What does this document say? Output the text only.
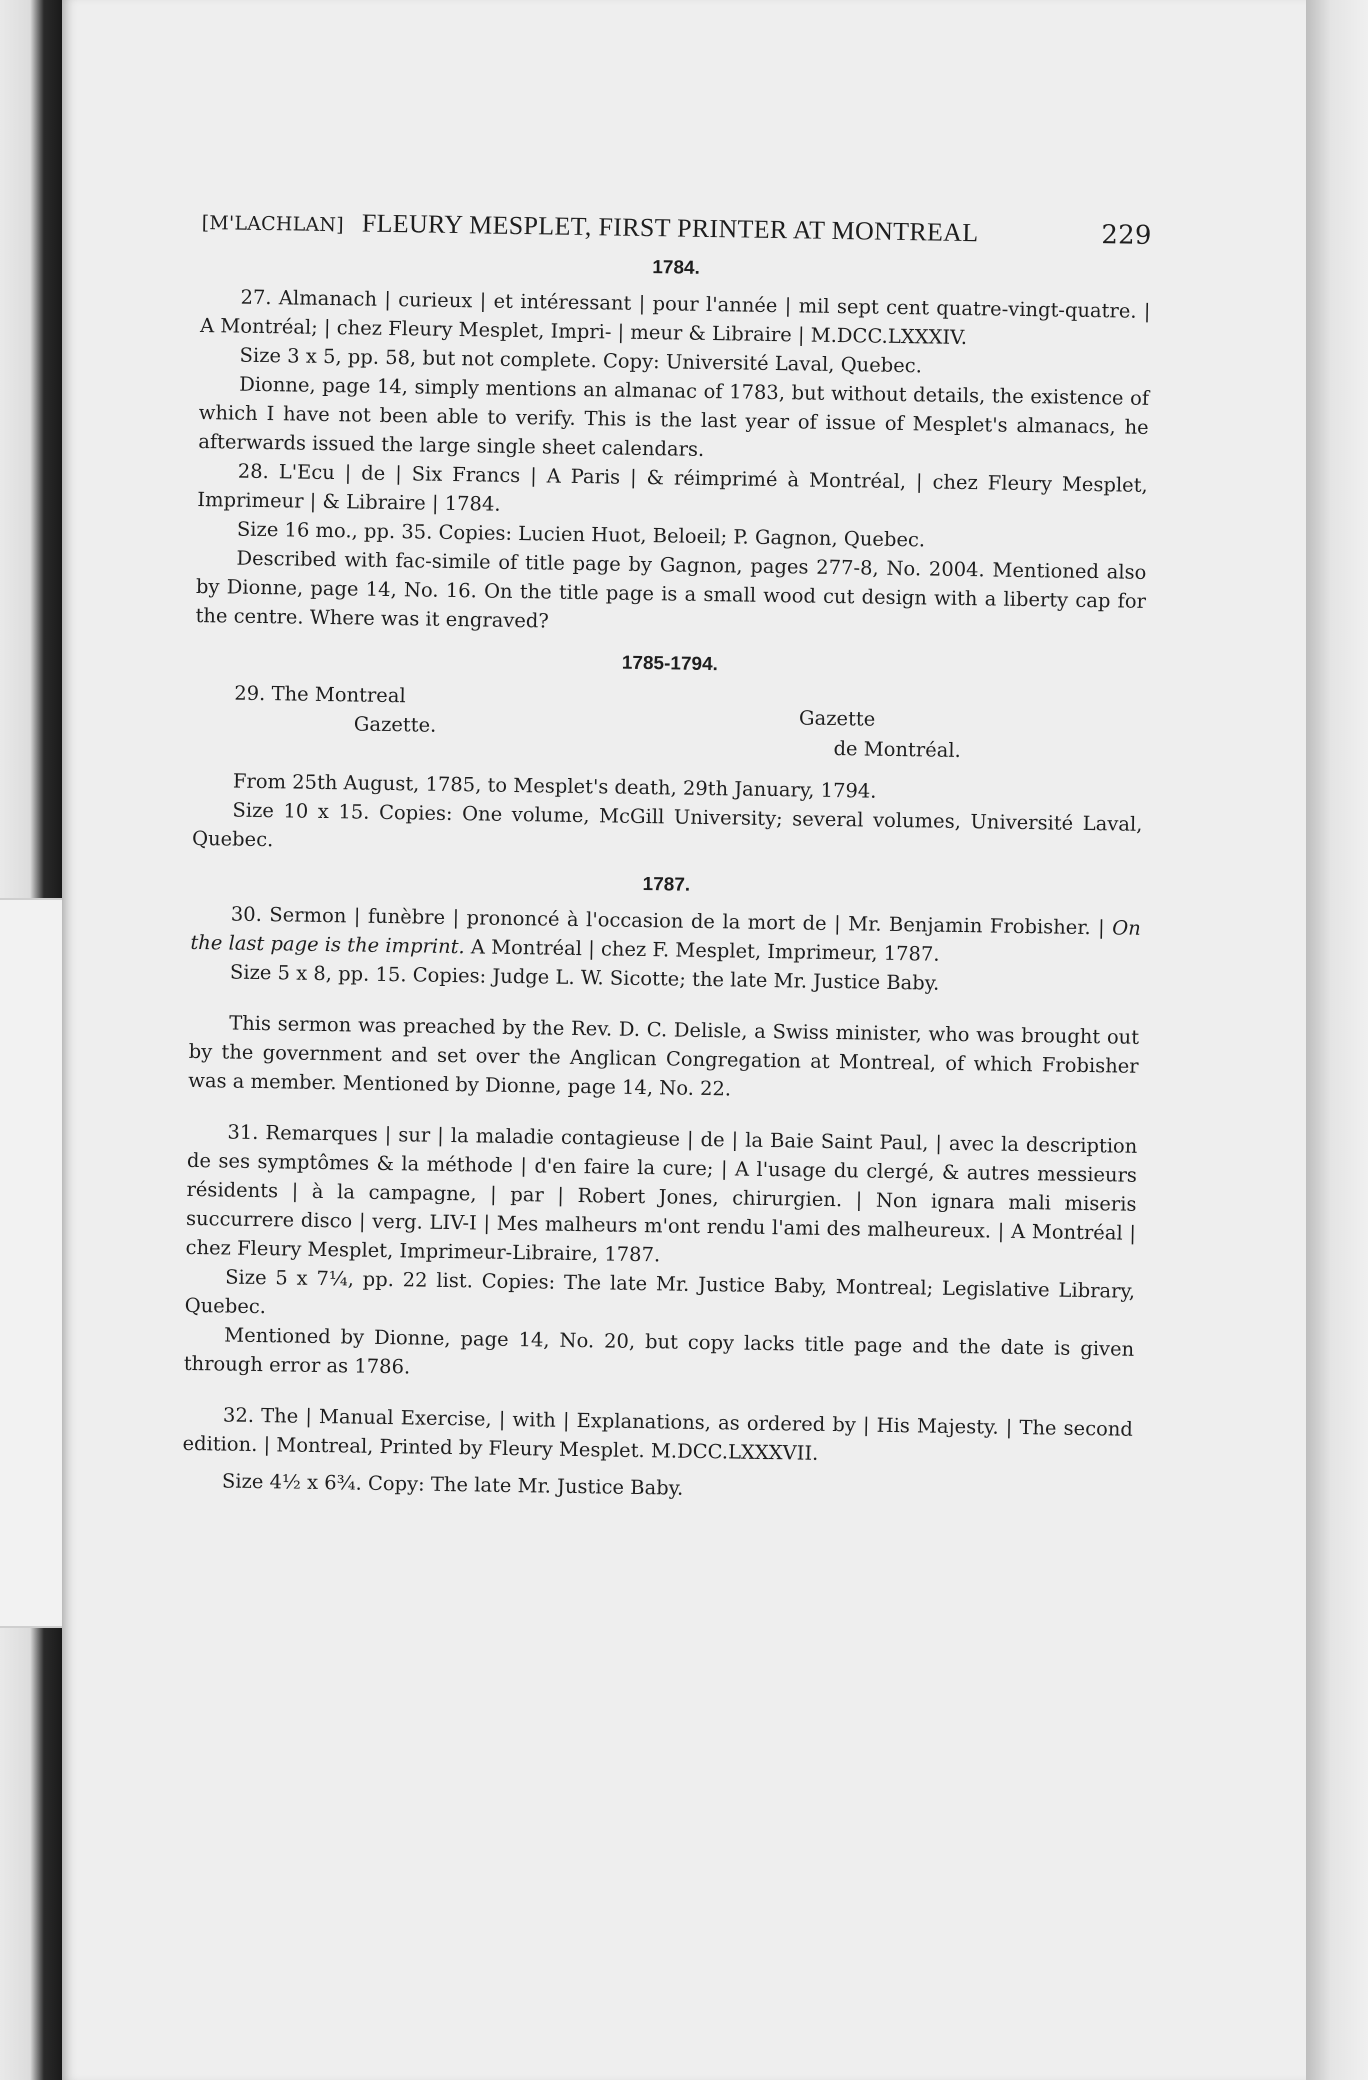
[M'LACHLAN] FLEURY MESPLET, FIRST PRINTER AT MONTREAL	229
1784.

27. Almanach | curieux | et intéressant | pour l'année | mil sept cent quatre-vingt-quatre. | A Montréal; | chez Fleury Mesplet, Impri- | meur & Libraire | M.DCC.LXXXIV.

Size 3 x 5, pp. 58, but not complete. Copy: Université Laval, Quebec.

Dionne, page 14, simply mentions an almanac of 1783, but without details, the existence of which I have not been able to verify. This is the last year of issue of Mesplet's almanacs, he afterwards issued the large single sheet calendars.

28. L'Ecu | de | Six Francs | A Paris | & réimprimé à Montréal, | chez Fleury Mesplet, Imprimeur | & Libraire | 1784.

Size 16 mo., pp. 35. Copies: Lucien Huot, Beloeil; P. Gagnon, Quebec.

Described with fac-simile of title page by Gagnon, pages 277-8, No. 2004. Mentioned also by Dionne, page 14, No. 16. On the title page is a small wood cut design with a liberty cap for the centre. Where was it engraved?

1785-1794.
29. The Montreal
Gazette.	Gazette
de Montréal.

From 25th August, 1785, to Mesplet's death, 29th January, 1794.

Size 10 x 15. Copies: One volume, McGill University; several volumes, Université Laval, Quebec.

1787.

30. Sermon | funèbre | prononcé à l'occasion de la mort de | Mr. Benjamin Frobisher. | On the last page is the imprint. A Montréal | chez F. Mesplet, Imprimeur, 1787.

Size 5 x 8, pp. 15. Copies: Judge L. W. Sicotte; the late Mr. Justice Baby.

This sermon was preached by the Rev. D. C. Delisle, a Swiss minister, who was brought out by the government and set over the Anglican Congregation at Montreal, of which Frobisher was a member. Mentioned by Dionne, page 14, No. 22.

31. Remarques | sur | la maladie contagieuse | de | la Baie Saint Paul, | avec la description de ses symptômes & la méthode | d'en faire la cure; | A l'usage du clergé, & autres messieurs résidents | à la campagne, | par | Robert Jones, chirurgien. | Non ignara mali miseris succurrere disco | verg. LIV-I | Mes malheurs m'ont rendu l'ami des malheureux. | A Montréal | chez Fleury Mesplet, Imprimeur-Libraire, 1787.

Size 5 x 7¼, pp. 22 list. Copies: The late Mr. Justice Baby, Montreal; Legislative Library, Quebec.

Mentioned by Dionne, page 14, No. 20, but copy lacks title page and the date is given through error as 1786.

32. The | Manual Exercise, | with | Explanations, as ordered by | His Majesty. | The second edition. | Montreal, Printed by Fleury Mesplet. M.DCC.LXXXVII.

Size 4½ x 6¾. Copy: The late Mr. Justice Baby.
